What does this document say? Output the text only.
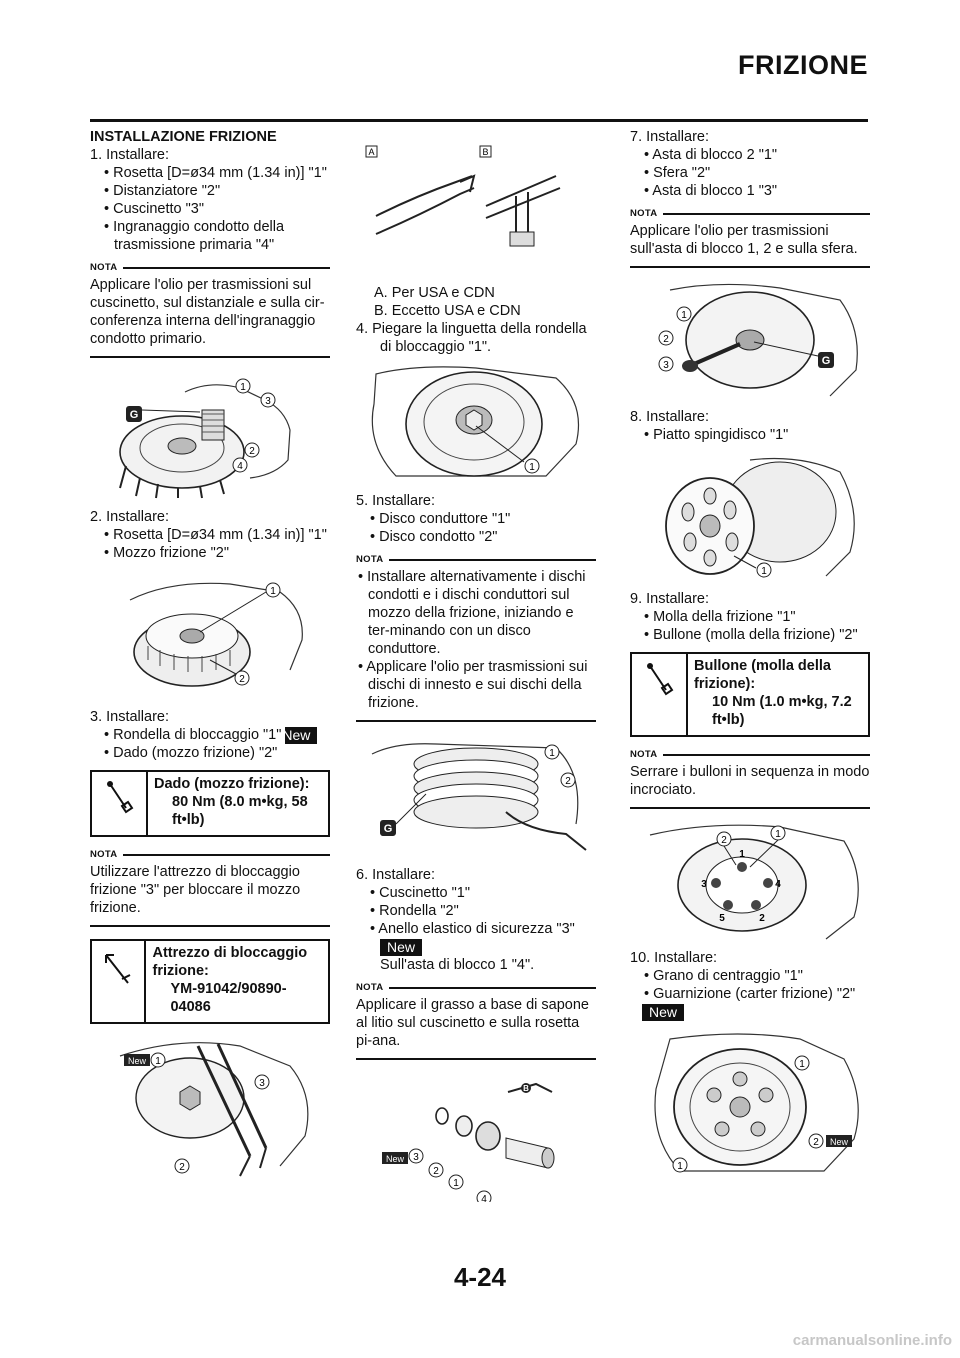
FRIZIONE
INSTALLAZIONE FRIZIONE
1. Installare:
• Rosetta [D=ø34 mm (1.34 in)] "1"
• Distanziatore "2"
• Cuscinetto "3"
• Ingranaggio condotto della
trasmissione primaria "4"
NOTA
Applicare l'olio per trasmissioni sul cuscinetto, sul distanziale e sulla cir-conferenza interna dell'ingranaggio condotto primario.
G
1
3
2
4
2. Installare:
• Rosetta [D=ø34 mm (1.34 in)] "1"
• Mozzo frizione "2"
1
2
3. Installare:
• Rondella di bloccaggio "1"New
• Dado (mozzo frizione) "2"
Dado (mozzo frizione):
80 Nm (8.0 m•kg, 58
ft•lb)
NOTA
Utilizzare l'attrezzo di bloccaggio frizione "3" per bloccare il mozzo frizione.
Attrezzo di bloccaggio
frizione:
YM-91042/90890-04086
New 1
3
2
A	B
A. Per USA e CDN
B. Eccetto USA e CDN
4. Piegare la linguetta della rondella
di bloccaggio "1".
1
5. Installare:
• Disco conduttore "1"
• Disco condotto "2"
NOTA
• Installare alternativamente i dischi condotti e i dischi conduttori sul mozzo della frizione, iniziando e ter-minando con un disco conduttore.
• Applicare l'olio per trasmissioni sui dischi di innesto e sui dischi della frizione.
G
1
2
6. Installare:
• Cuscinetto "1"
• Rondella "2"
• Anello elastico di sicurezza "3"
New
Sull'asta di blocco 1 "4".
NOTA
Applicare il grasso a base di sapone al litio sul cuscinetto e sulla rosetta pi-ana.
B
New 3
2
1
4
7. Installare:
• Asta di blocco 2 "1"
• Sfera "2"
• Asta di blocco 1 "3"
NOTA
Applicare l'olio per trasmissioni sull'asta di blocco 1, 2 e sulla sfera.
G
1
2
3
8. Installare:
• Piatto spingidisco "1"
1
9. Installare:
• Molla della frizione "1"
• Bullone (molla della frizione) "2"
Bullone (molla della
frizione):
10 Nm (1.0 m•kg, 7.2
ft•lb)
NOTA
Serrare i bulloni in sequenza in modo incrociato.
1
4
3
5	2
1
2
10. Installare:
• Grano di centraggio "1"
• Guarnizione (carter frizione) "2"
New
New
1
2
1
4-24
carmanualsonline.info
